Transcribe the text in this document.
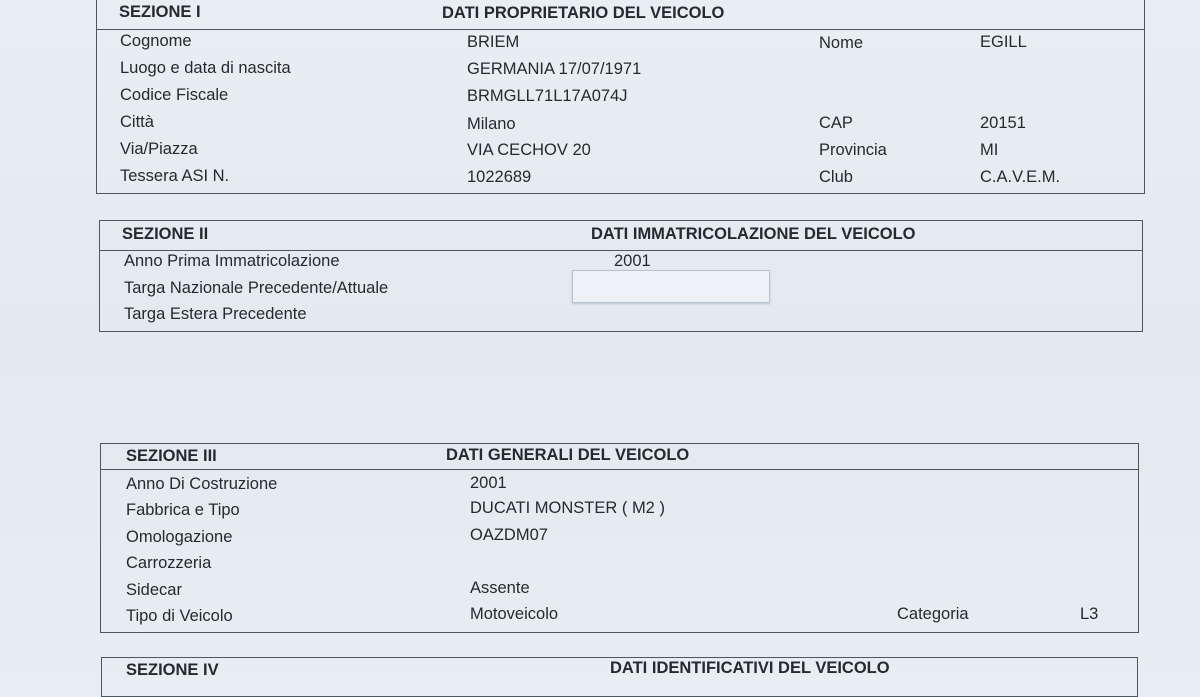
SEZIONE I	DATI PROPRIETARIO DEL VEICOLO
Cognome	BRIEM	Nome	EGILL
Luogo e data di nascita	GERMANIA 17/07/1971
Codice Fiscale	BRMGLL71L17A074J
Città	Milano	CAP	20151
Via/Piazza	VIA CECHOV 20	Provincia	MI
Tessera ASI N.	1022689	Club	C.A.V.E.M.
SEZIONE II	DATI IMMATRICOLAZIONE DEL VEICOLO
Anno Prima Immatricolazione	2001
Targa Nazionale Precedente/Attuale
Targa Estera Precedente
SEZIONE III	DATI GENERALI DEL VEICOLO
Anno Di Costruzione	2001
Fabbrica e Tipo	DUCATI MONSTER ( M2 )
Omologazione	OAZDM07
Carrozzeria
Sidecar	Assente
Tipo di Veicolo	Motoveicolo	Categoria	L3
SEZIONE IV	DATI IDENTIFICATIVI DEL VEICOLO
